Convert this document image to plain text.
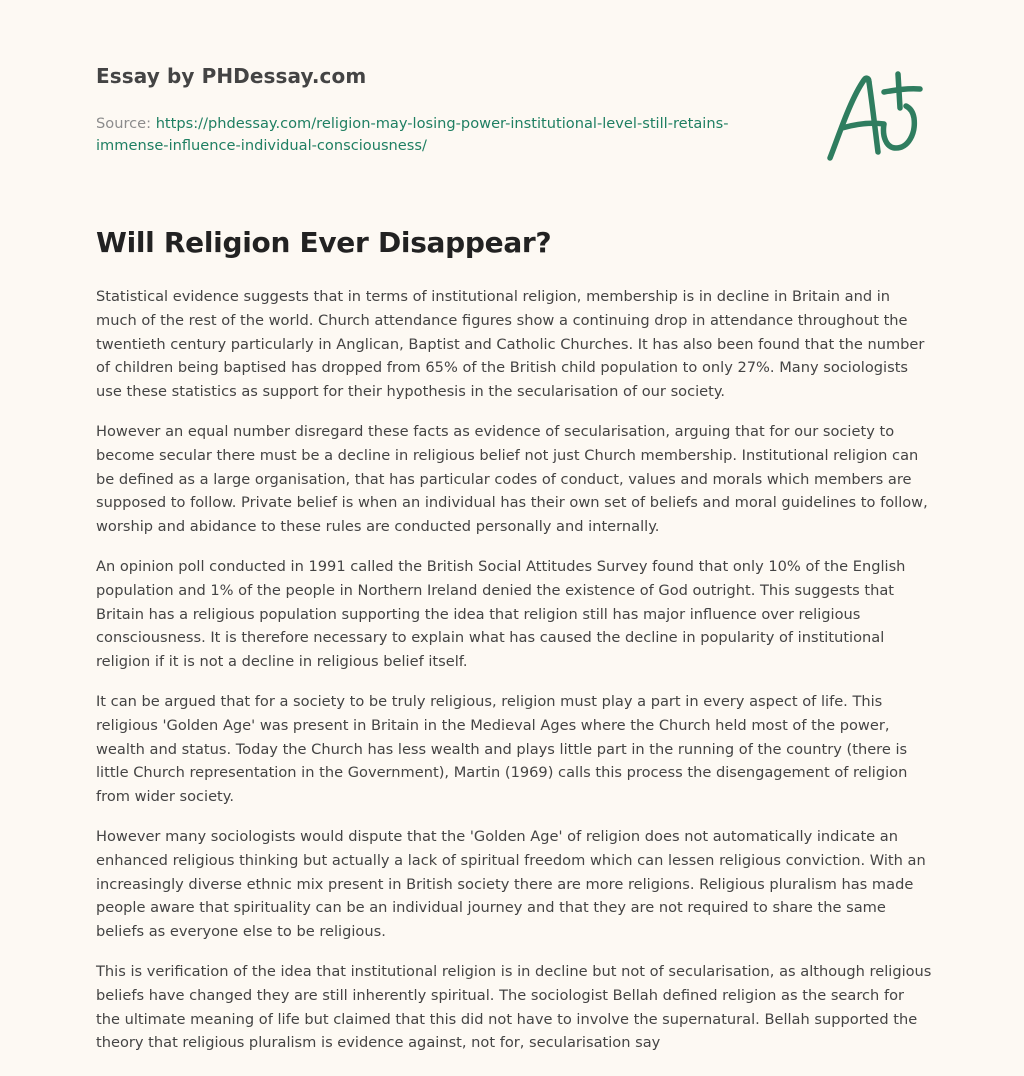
Essay by PHDessay.com

Source: https://phdessay.com/religion-may-losing-power-institutional-level-still-retains-immense-influence-individual-consciousness/
Will Religion Ever Disappear?

Statistical evidence suggests that in terms of institutional religion, membership is in decline in Britain and in much of the rest of the world. Church attendance figures show a continuing drop in attendance throughout the twentieth century particularly in Anglican, Baptist and Catholic Churches. It has also been found that the number of children being baptised has dropped from 65% of the British child population to only 27%. Many sociologists use these statistics as support for their hypothesis in the secularisation of our society.

However an equal number disregard these facts as evidence of secularisation, arguing that for our society to become secular there must be a decline in religious belief not just Church membership. Institutional religion can be defined as a large organisation, that has particular codes of conduct, values and morals which members are supposed to follow. Private belief is when an individual has their own set of beliefs and moral guidelines to follow, worship and abidance to these rules are conducted personally and internally.

An opinion poll conducted in 1991 called the British Social Attitudes Survey found that only 10% of the English population and 1% of the people in Northern Ireland denied the existence of God outright. This suggests that Britain has a religious population supporting the idea that religion still has major influence over religious consciousness. It is therefore necessary to explain what has caused the decline in popularity of institutional religion if it is not a decline in religious belief itself.

It can be argued that for a society to be truly religious, religion must play a part in every aspect of life. This religious 'Golden Age' was present in Britain in the Medieval Ages where the Church held most of the power, wealth and status. Today the Church has less wealth and plays little part in the running of the country (there is little Church representation in the Government), Martin (1969) calls this process the disengagement of religion from wider society.

However many sociologists would dispute that the 'Golden Age' of religion does not automatically indicate an enhanced religious thinking but actually a lack of spiritual freedom which can lessen religious conviction. With an increasingly diverse ethnic mix present in British society there are more religions. Religious pluralism has made people aware that spirituality can be an individual journey and that they are not required to share the same beliefs as everyone else to be religious.

This is verification of the idea that institutional religion is in decline but not of secularisation, as although religious beliefs have changed they are still inherently spiritual. The sociologist Bellah defined religion as the search for the ultimate meaning of life but claimed that this did not have to involve the supernatural. Bellah supported the theory that religious pluralism is evidence against, not for, secularisation say
